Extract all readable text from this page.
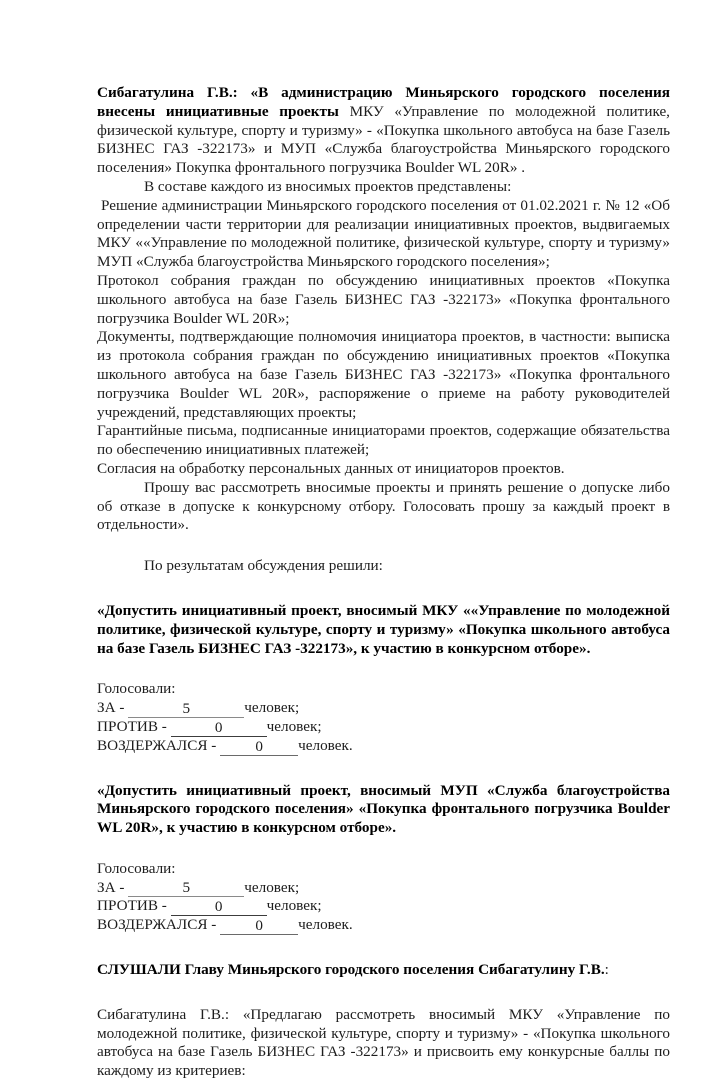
Сибагатулина Г.В.: «В администрацию Миньярского городского поселения внесены инициативные проекты МКУ «Управление по молодежной политике, физической культуре, спорту и туризму» - «Покупка школьного автобуса на базе Газель БИЗНЕС ГАЗ -322173» и МУП «Служба благоустройства Миньярского городского поселения» Покупка фронтального погрузчика Boulder WL 20R» .

В составе каждого из вносимых проектов представлены:

Решение администрации Миньярского городского поселения от 01.02.2021 г. № 12 «Об определении части территории для реализации инициативных проектов, выдвигаемых МКУ ««Управление по молодежной политике, физической культуре, спорту и туризму» МУП «Служба благоустройства Миньярского городского поселения»;

Протокол собрания граждан по обсуждению инициативных проектов «Покупка школьного автобуса на базе Газель БИЗНЕС ГАЗ -322173» «Покупка фронтального погрузчика Boulder WL 20R»;

Документы, подтверждающие полномочия инициатора проектов, в частности: выписка из протокола собрания граждан по обсуждению инициативных проектов «Покупка школьного автобуса на базе Газель БИЗНЕС ГАЗ -322173» «Покупка фронтального погрузчика Boulder WL 20R», распоряжение о приеме на работу руководителей учреждений, представляющих проекты;

Гарантийные письма, подписанные инициаторами проектов, содержащие обязательства по обеспечению инициативных платежей;

Согласия на обработку персональных данных от инициаторов проектов.

Прошу вас рассмотреть вносимые проекты и принять решение о допуске либо об отказе в допуске к конкурсному отбору. Голосовать прошу за каждый проект в отдельности».

По результатам обсуждения решили:

«Допустить инициативный проект, вносимый МКУ ««Управление по молодежной политике, физической культуре, спорту и туризму» «Покупка школьного автобуса на базе Газель БИЗНЕС ГАЗ -322173», к участию в конкурсном отборе».

Голосовали:
ЗА -	5	человек;
ПРОТИВ -	0	человек;
ВОЗДЕРЖАЛСЯ -	0 человек.

«Допустить инициативный проект, вносимый МУП «Служба благоустройства Миньярского городского поселения» «Покупка фронтального погрузчика Boulder WL 20R», к участию в конкурсном отборе».

Голосовали:
ЗА -	5	человек;
ПРОТИВ -	0	человек;
ВОЗДЕРЖАЛСЯ -	0 человек.

СЛУШАЛИ Главу Миньярского городского поселения Сибагатулину Г.В.:

Сибагатулина Г.В.: «Предлагаю рассмотреть вносимый МКУ «Управление по молодежной политике, физической культуре, спорту и туризму» - «Покупка школьного автобуса на базе Газель БИЗНЕС ГАЗ -322173» и присвоить ему конкурсные баллы по каждому из критериев:
